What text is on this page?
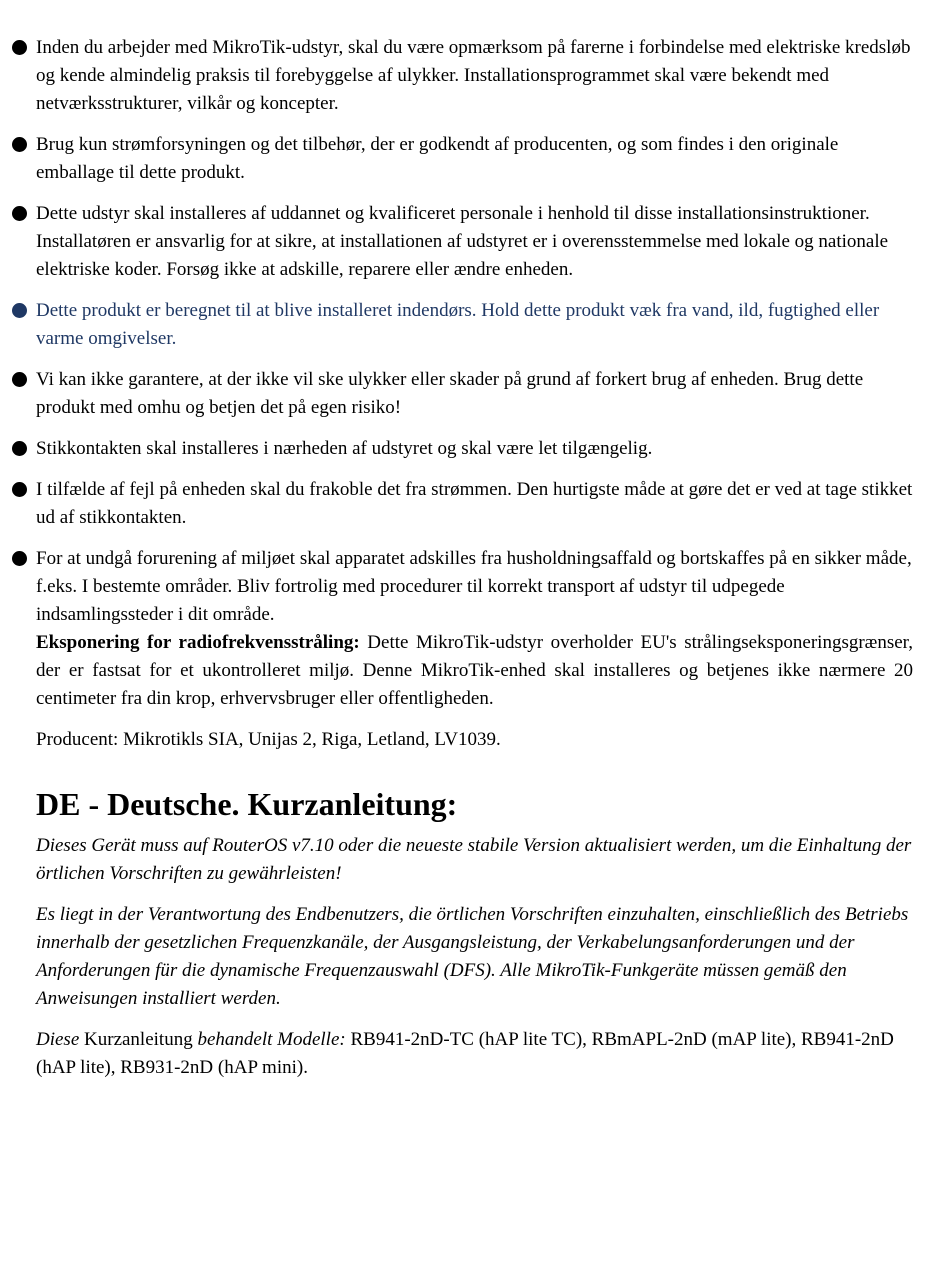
Inden du arbejder med MikroTik-udstyr, skal du være opmærksom på farerne i forbindelse med elektriske kredsløb og kende almindelig praksis til forebyggelse af ulykker. Installationsprogrammet skal være bekendt med netværksstrukturer, vilkår og koncepter.
Brug kun strømforsyningen og det tilbehør, der er godkendt af producenten, og som findes i den originale emballage til dette produkt.
Dette udstyr skal installeres af uddannet og kvalificeret personale i henhold til disse installationsinstruktioner. Installatøren er ansvarlig for at sikre, at installationen af udstyret er i overensstemmelse med lokale og nationale elektriske koder. Forsøg ikke at adskille, reparere eller ændre enheden.
Dette produkt er beregnet til at blive installeret indendørs. Hold dette produkt væk fra vand, ild, fugtighed eller varme omgivelser.
Vi kan ikke garantere, at der ikke vil ske ulykker eller skader på grund af forkert brug af enheden. Brug dette produkt med omhu og betjen det på egen risiko!
Stikkontakten skal installeres i nærheden af udstyret og skal være let tilgængelig.
I tilfælde af fejl på enheden skal du frakoble det fra strømmen. Den hurtigste måde at gøre det er ved at tage stikket ud af stikkontakten.
For at undgå forurening af miljøet skal apparatet adskilles fra husholdningsaffald og bortskaffes på en sikker måde, f.eks. I bestemte områder. Bliv fortrolig med procedurer til korrekt transport af udstyr til udpegede indsamlingssteder i dit område.

Eksponering for radiofrekvensstråling: Dette MikroTik-udstyr overholder EU's strålingseksponeringsgrænser, der er fastsat for et ukontrolleret miljø. Denne MikroTik-enhed skal installeres og betjenes ikke nærmere 20 centimeter fra din krop, erhvervsbruger eller offentligheden.

Producent: Mikrotikls SIA, Unijas 2, Riga, Letland, LV1039.

DE - Deutsche. Kurzanleitung:

Dieses Gerät muss auf RouterOS v7.10 oder die neueste stabile Version aktualisiert werden, um die Einhaltung der örtlichen Vorschriften zu gewährleisten!

Es liegt in der Verantwortung des Endbenutzers, die örtlichen Vorschriften einzuhalten, einschließlich des Betriebs innerhalb der gesetzlichen Frequenzkanäle, der Ausgangsleistung, der Verkabelungsanforderungen und der Anforderungen für die dynamische Frequenzauswahl (DFS). Alle MikroTik-Funkgeräte müssen gemäß den Anweisungen installiert werden.

Diese Kurzanleitung behandelt Modelle: RB941-2nD-TC (hAP lite TC), RBmAPL-2nD (mAP lite), RB941-2nD (hAP lite), RB931-2nD (hAP mini).
